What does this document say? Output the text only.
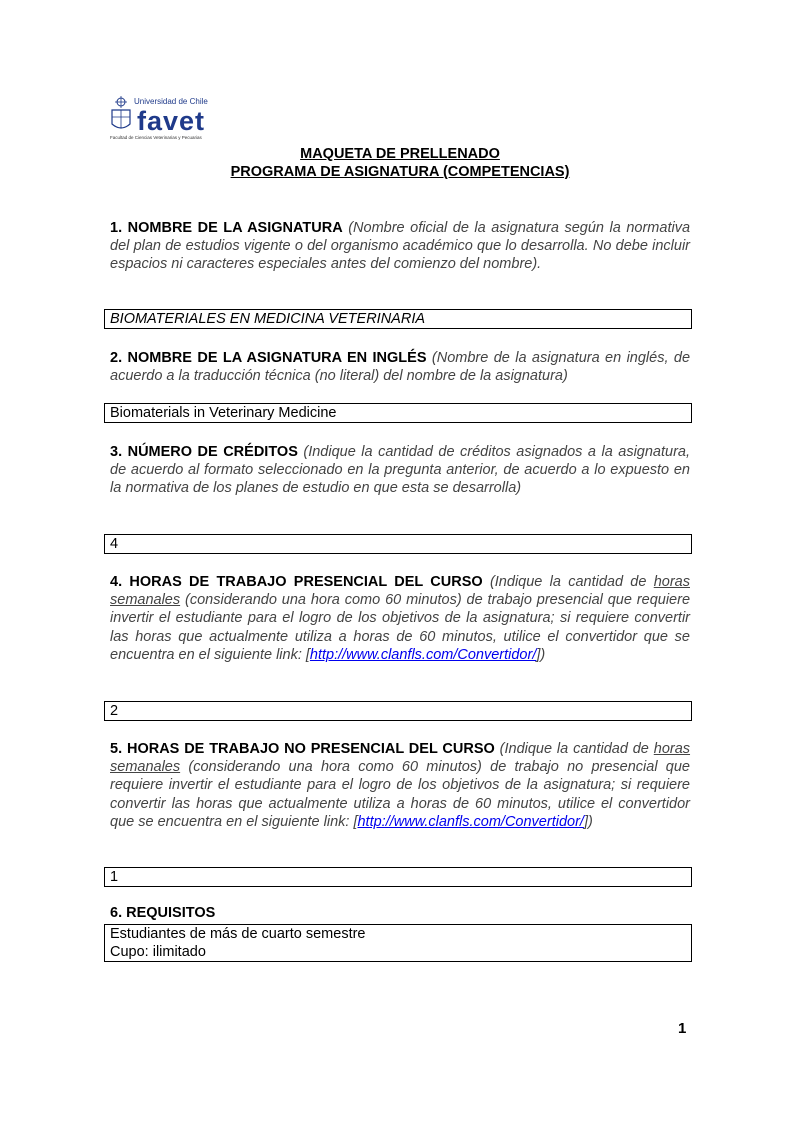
Universidad de Chile
favet
Facultad de Ciencias Veterinarias y Pecuarias
MAQUETA DE PRELLENADO
PROGRAMA DE ASIGNATURA (COMPETENCIAS)
1. NOMBRE DE LA ASIGNATURA (Nombre oficial de la asignatura según la normativa del plan de estudios vigente o del organismo académico que lo desarrolla. No debe incluir espacios ni caracteres especiales antes del comienzo del nombre).
BIOMATERIALES EN MEDICINA VETERINARIA
2. NOMBRE DE LA ASIGNATURA EN INGLÉS (Nombre de la asignatura en inglés, de acuerdo a la traducción técnica (no literal) del nombre de la asignatura)
Biomaterials in Veterinary Medicine
3. NÚMERO DE CRÉDITOS (Indique la cantidad de créditos asignados a la asignatura, de acuerdo al formato seleccionado en la pregunta anterior, de acuerdo a lo expuesto en la normativa de los planes de estudio en que esta se desarrolla)
4
4. HORAS DE TRABAJO PRESENCIAL DEL CURSO (Indique la cantidad de horas semanales (considerando una hora como 60 minutos) de trabajo presencial que requiere invertir el estudiante para el logro de los objetivos de la asignatura; si requiere convertir las horas que actualmente utiliza a horas de 60 minutos, utilice el convertidor que se encuentra en el siguiente link: [http://www.clanfls.com/Convertidor/])
2
5. HORAS DE TRABAJO NO PRESENCIAL DEL CURSO (Indique la cantidad de horas semanales (considerando una hora como 60 minutos) de trabajo no presencial que requiere invertir el estudiante para el logro de los objetivos de la asignatura; si requiere convertir las horas que actualmente utiliza a horas de 60 minutos, utilice el convertidor que se encuentra en el siguiente link: [http://www.clanfls.com/Convertidor/])
1
6. REQUISITOS
Estudiantes de más de cuarto semestre
Cupo: ilimitado
1
